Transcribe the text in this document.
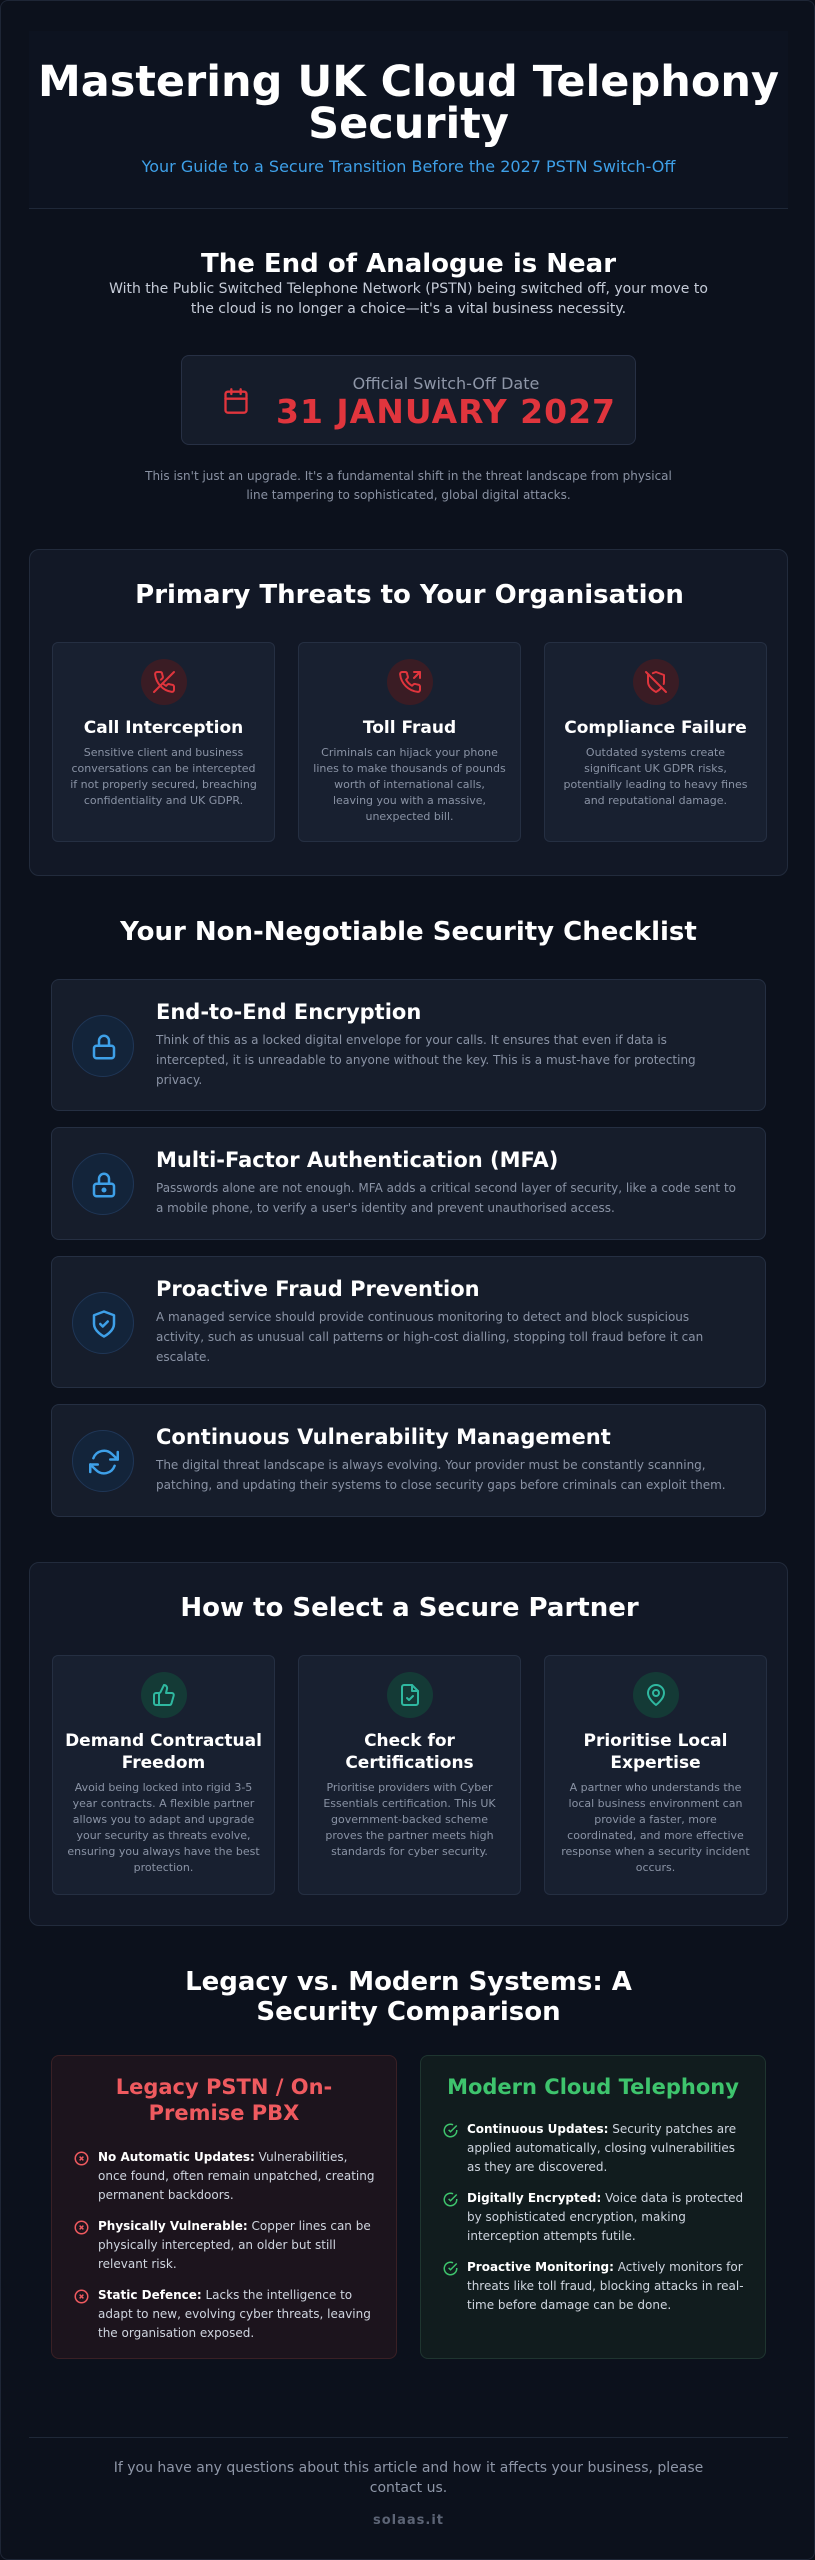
Mastering UK Cloud Telephony Security
Your Guide to a Secure Transition Before the 2027 PSTN Switch-Off
The End of Analogue is Near
With the Public Switched Telephone Network (PSTN) being switched off, your move to the cloud is no longer a choice—it's a vital business necessity.
Official Switch-Off Date
31 JANUARY 2027
This isn't just an upgrade. It's a fundamental shift in the threat landscape from physical line tampering to sophisticated, global digital attacks.
Primary Threats to Your Organisation
Call Interception

Sensitive client and business conversations can be intercepted if not properly secured, breaching confidentiality and UK GDPR.

Toll Fraud

Criminals can hijack your phone lines to make thousands of pounds worth of international calls, leaving you with a massive, unexpected bill.

Compliance Failure

Outdated systems create significant UK GDPR risks, potentially leading to heavy fines and reputational damage.

Your Non-Negotiable Security Checklist
End-to-End Encryption

Think of this as a locked digital envelope for your calls. It ensures that even if data is intercepted, it is unreadable to anyone without the key. This is a must-have for protecting privacy.

Multi-Factor Authentication (MFA)

Passwords alone are not enough. MFA adds a critical second layer of security, like a code sent to a mobile phone, to verify a user's identity and prevent unauthorised access.

Proactive Fraud Prevention

A managed service should provide continuous monitoring to detect and block suspicious activity, such as unusual call patterns or high-cost dialling, stopping toll fraud before it can escalate.

Continuous Vulnerability Management

The digital threat landscape is always evolving. Your provider must be constantly scanning, patching, and updating their systems to close security gaps before criminals can exploit them.

How to Select a Secure Partner
Demand Contractual Freedom

Avoid being locked into rigid 3-5 year contracts. A flexible partner allows you to adapt and upgrade your security as threats evolve, ensuring you always have the best protection.

Check for Certifications

Prioritise providers with Cyber Essentials certification. This UK government-backed scheme proves the partner meets high standards for cyber security.

Prioritise Local Expertise

A partner who understands the local business environment can provide a faster, more coordinated, and more effective response when a security incident occurs.

Legacy vs. Modern Systems: A Security Comparison
Legacy PSTN / On-Premise PBX
No Automatic Updates: Vulnerabilities, once found, often remain unpatched, creating permanent backdoors.
Physically Vulnerable: Copper lines can be physically intercepted, an older but still relevant risk.
Static Defence: Lacks the intelligence to adapt to new, evolving cyber threats, leaving the organisation exposed.
Modern Cloud Telephony
Continuous Updates: Security patches are applied automatically, closing vulnerabilities as they are discovered.
Digitally Encrypted: Voice data is protected by sophisticated encryption, making interception attempts futile.
Proactive Monitoring: Actively monitors for threats like toll fraud, blocking attacks in real-time before damage can be done.
If you have any questions about this article and how it affects your business, please contact us.
solaas.it
